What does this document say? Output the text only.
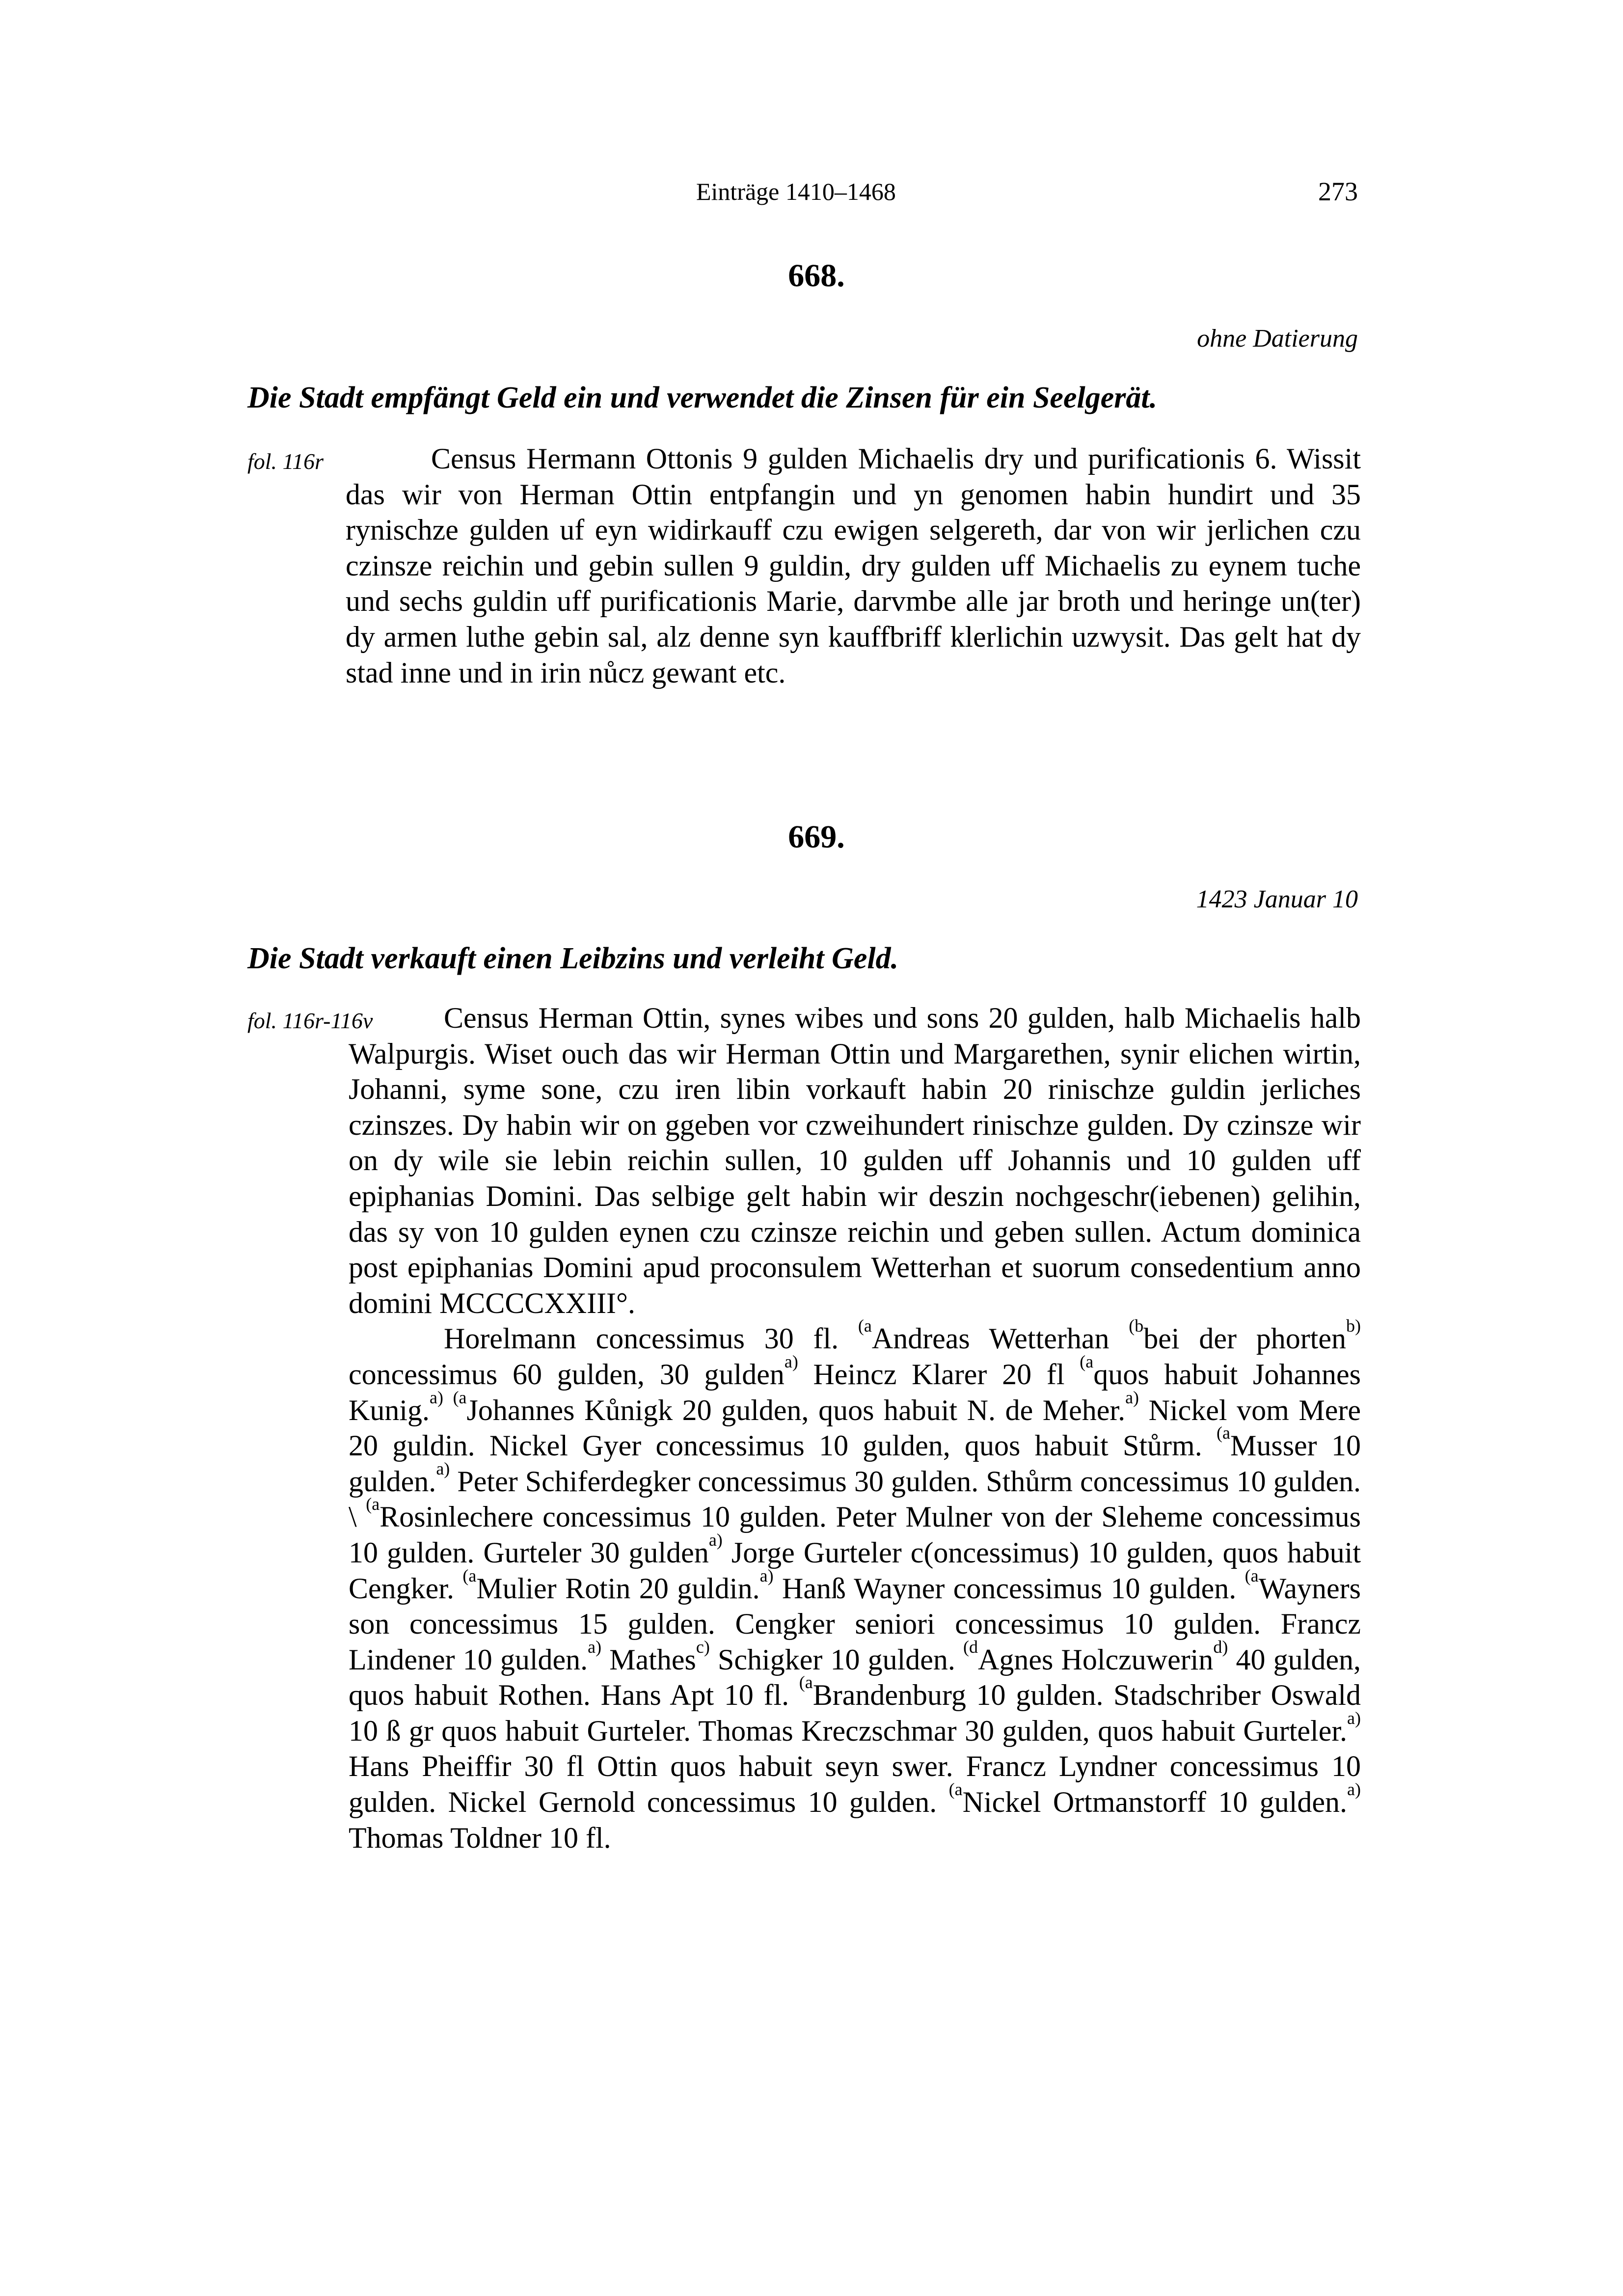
Einträge 1410–1468	273
668.
ohne Datierung
Die Stadt empfängt Geld ein und verwendet die Zinsen für ein Seelgerät.
fol. 116r	Census Hermann Ottonis 9 gulden Michaelis dry und purificationis 6. Wissit das wir von Herman Ottin entpfangin und yn genomen habin hundirt und 35 rynischze gulden uf eyn widirkauff czu ewigen selgereth, dar von wir jerlichen czu czinsze reichin und gebin sullen 9 guldin, dry gulden uff Michaelis zu eynem tuche und sechs guldin uff purificationis Marie, darvmbe alle jar broth und heringe un(ter) dy armen luthe gebin sal, alz denne syn kauffbriff klerlichin uzwysit. Das gelt hat dy stad inne und in irin nůcz gewant etc.

669.
1423 Januar 10
Die Stadt verkauft einen Leibzins und verleiht Geld.
fol. 116r-116v	Census Herman Ottin, synes wibes und sons 20 gulden, halb Michaelis halb Walpurgis. Wiset ouch das wir Herman Ottin und Margarethen, synir elichen wirtin, Johanni, syme sone, czu iren libin vorkauft habin 20 rinischze guldin jerliches czinszes. Dy habin wir on ggeben vor czweihundert rinischze gulden. Dy czinsze wir on dy wile sie lebin reichin sullen, 10 gulden uff Johannis und 10 gulden uff epiphanias Domini. Das selbige gelt habin wir deszin nochgeschr(iebenen) gelihin, das sy von 10 gulden eynen czu czinsze reichin und geben sullen. Actum dominica post epiphanias Domini apud proconsulem Wetterhan et suorum consedentium anno domini MCCCCXXIII°.

Horelmann concessimus 30 fl. $^{(a}$Andreas Wetterhan $^{(b}$bei der phorten$^{b)}$ concessimus 60 gulden, 30 gulden$^{a)}$ Heincz Klarer 20 fl $^{(a}$quos habuit Johannes Kunig.$^{a)}$ $^{(a}$Johannes Kůnigk 20 gulden, quos habuit N. de Meher.$^{a)}$ Nickel vom Mere 20 guldin. Nickel Gyer concessimus 10 gulden, quos habuit Stůrm. $^{(a}$Musser 10 gulden.$^{a)}$ Peter Schiferdegker concessimus 30 gulden. Sthůrm concessimus 10 gulden. \ $^{(a}$Rosinlechere concessimus 10 gulden. Peter Mulner von der Sleheme concessimus 10 gulden. Gurteler 30 gulden$^{a)}$ Jorge Gurteler c(oncessimus) 10 gulden, quos habuit Cengker. $^{(a}$Mulier Rotin 20 guldin.$^{a)}$ Hanß Wayner concessimus 10 gulden. $^{(a}$Wayners son concessimus 15 gulden. Cengker seniori concessimus 10 gulden. Francz Lindener 10 gulden.$^{a)}$ Mathes$^{c)}$ Schigker 10 gulden. $^{(d}$Agnes Holczuwerin$^{d)}$ 40 gulden, quos habuit Rothen. Hans Apt 10 fl. $^{(a}$Brandenburg 10 gulden. Stadschriber Oswald 10 ß gr quos habuit Gurteler. Thomas Kreczschmar 30 gulden, quos habuit Gurteler.$^{a)}$ Hans Pheiffir 30 fl Ottin quos habuit seyn swer. Francz Lyndner concessimus 10 gulden. Nickel Gernold concessimus 10 gulden. $^{(a}$Nickel Ortmanstorff 10 gulden.$^{a)}$ Thomas Toldner 10 fl.
